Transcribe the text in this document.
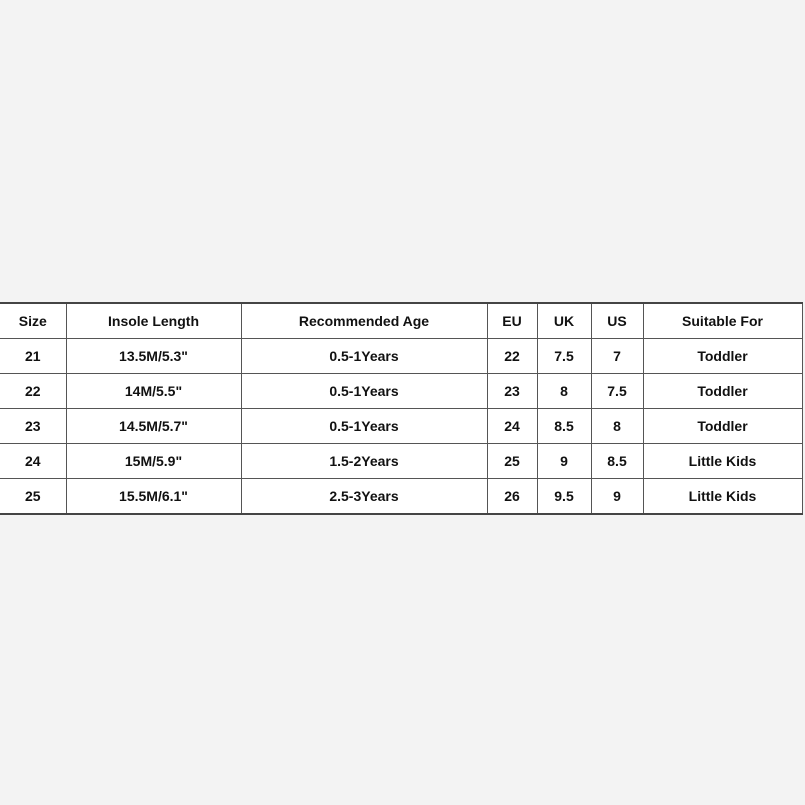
Size	Insole Length	Recommended Age	EU	UK	US	Suitable For
21	13.5M/5.3"	0.5-1Years	22	7.5	7	Toddler
22	14M/5.5"	0.5-1Years	23	8	7.5	Toddler
23	14.5M/5.7"	0.5-1Years	24	8.5	8	Toddler
24	15M/5.9"	1.5-2Years	25	9	8.5	Little Kids
25	15.5M/6.1"	2.5-3Years	26	9.5	9	Little Kids
